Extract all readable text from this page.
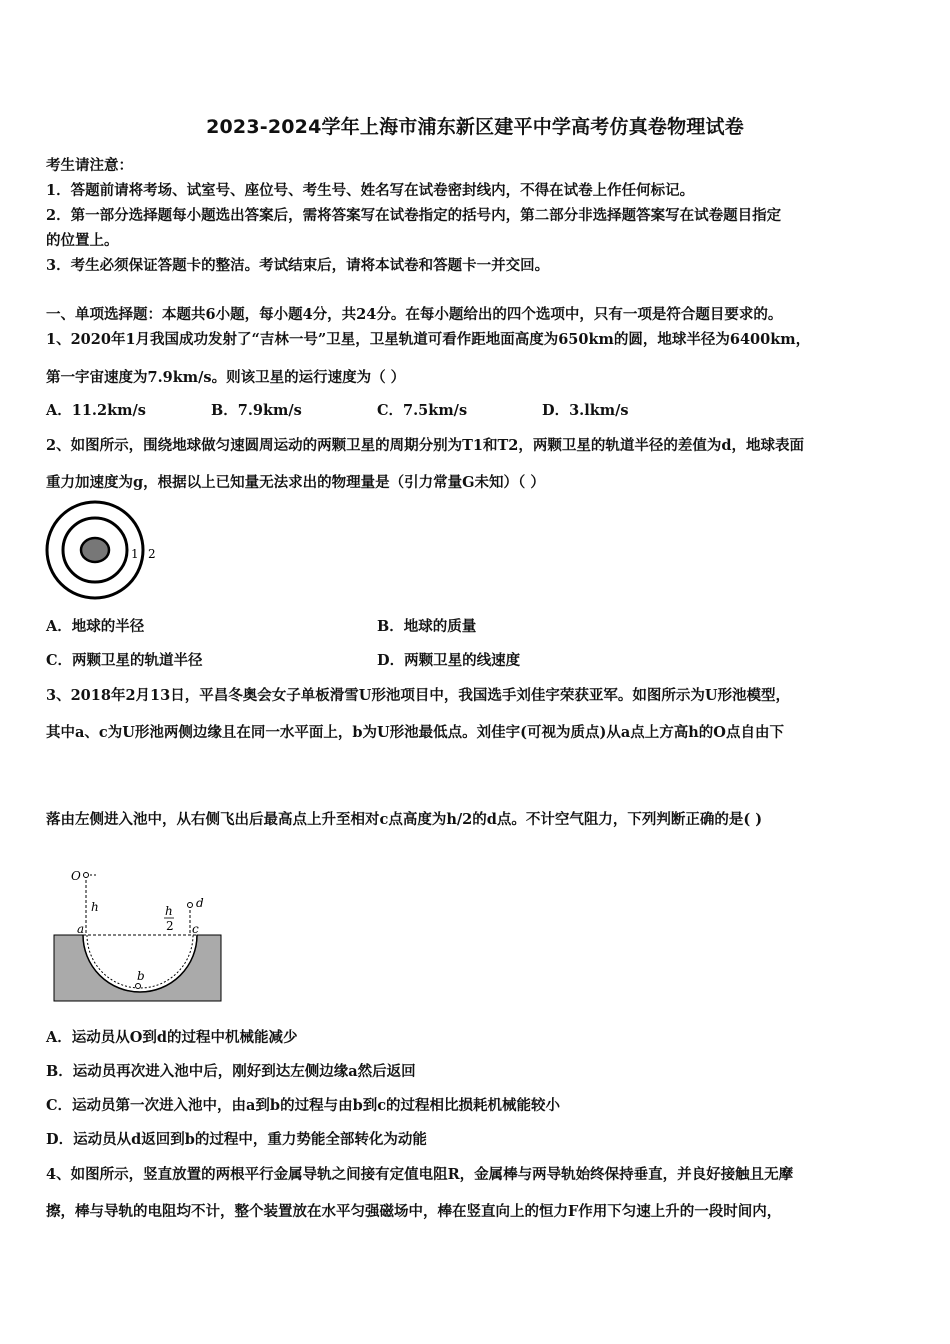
2023-2024学年上海市浦东新区建平中学高考仿真卷物理试卷
考生请注意：
1．答题前请将考场、试室号、座位号、考生号、姓名写在试卷密封线内，不得在试卷上作任何标记。
2．第一部分选择题每小题选出答案后，需将答案写在试卷指定的括号内，第二部分非选择题答案写在试卷题目指定
的位置上。
3．考生必须保证答题卡的整洁。考试结束后，请将本试卷和答题卡一并交回。
一、单项选择题：本题共6小题，每小题4分，共24分。在每小题给出的四个选项中，只有一项是符合题目要求的。
1、2020年1月我国成功发射了“吉林一号”卫星，卫星轨道可看作距地面高度为650km的圆，地球半径为6400km，
第一宇宙速度为7.9km/s。则该卫星的运行速度为（ ）
A．11.2km/s	B．7.9km/s	C．7.5km/s	D．3.lkm/s
2、如图所示，围绕地球做匀速圆周运动的两颗卫星的周期分别为T1和T2，两颗卫星的轨道半径的差值为d，地球表面
重力加速度为g，根据以上已知量无法求出的物理量是（引力常量G未知）（ ）
1 2
A．地球的半径	B．地球的质量
C．两颗卫星的轨道半径	D．两颗卫星的线速度
3、2018年2月13日，平昌冬奥会女子单板滑雪U形池项目中，我国选手刘佳宇荣获亚军。如图所示为U形池模型，
其中a、c为U形池两侧边缘且在同一水平面上，b为U形池最低点。刘佳宇(可视为质点)从a点上方高h的O点自由下
落由左侧进入池中，从右侧飞出后最高点上升至相对c点高度为h/2的d点。不计空气阻力，下列判断正确的是( )
O
h	d
h
2
a	c
b
A．运动员从O到d的过程中机械能减少
B．运动员再次进入池中后，刚好到达左侧边缘a然后返回
C．运动员第一次进入池中，由a到b的过程与由b到c的过程相比损耗机械能较小
D．运动员从d返回到b的过程中，重力势能全部转化为动能
4、如图所示，竖直放置的两根平行金属导轨之间接有定值电阻R，金属棒与两导轨始终保持垂直，并良好接触且无摩
擦，棒与导轨的电阻均不计，整个装置放在水平匀强磁场中，棒在竖直向上的恒力F作用下匀速上升的一段时间内，
